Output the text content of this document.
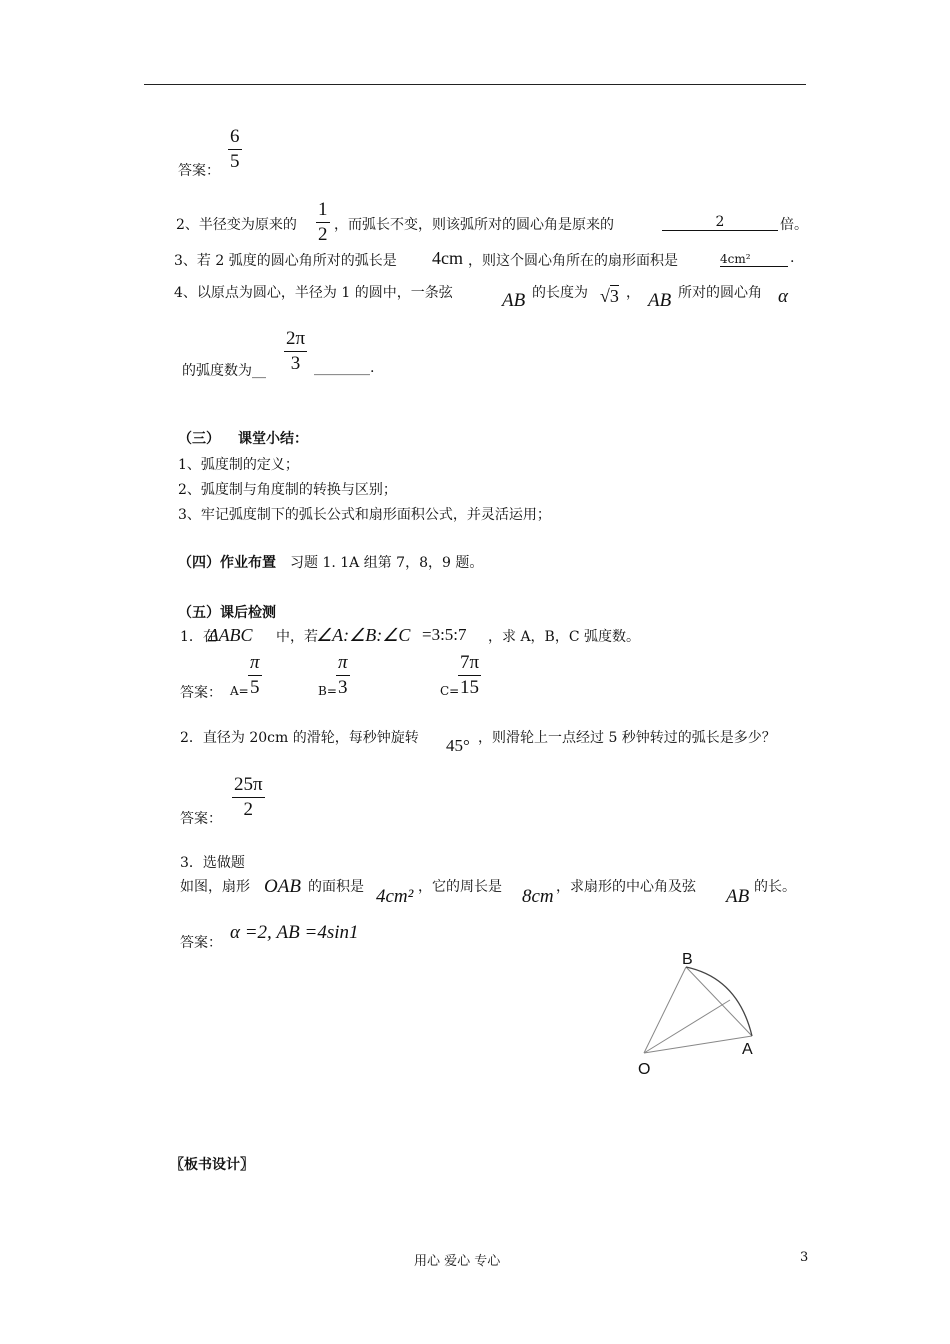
6
5
答案：
2、半径变为原来的
1
2 ，而弧长不变，则该弧所对的圆心角是原来的	2	倍。
3、若 2 弧度的圆心角所对的弧长是 4cm ，则这个圆心角所在的扇形面积是	4cm²	.
4、以原点为圆心，半径为 1 的圆中，一条弦	AB 的长度为 √3 ， AB 所对的圆心角 α
2π
3
的弧度数为__	________.
（三） 课堂小结：
1、弧度制的定义；
2、弧度制与角度制的转换与区别；
3、牢记弧度制下的弧长公式和扇形面积公式，并灵活运用；
（四）作业布置 习题 1. 1A 组第 7，8，9 题。
（五）课后检测
1．在
ΔABC 中，若
∠A:∠B:∠C =3:5:7 ，求 A，B，C 弧度数。
答案： A=
π
5	B=
π
3	C=
7π
15
2．直径为 20cm 的滑轮，每秒钟旋转 45° ，则滑轮上一点经过 5 秒钟转过的弧长是多少？
25π
2
答案：
3．选做题
如图，扇形 OAB 的面积是 4cm² ，它的周长是 8cm ，求扇形的中心角及弦 AB 的长。
答案： α =2, AB =4sin1
B
A
O
〖板书设计〗
用心 爱心 专心	3
